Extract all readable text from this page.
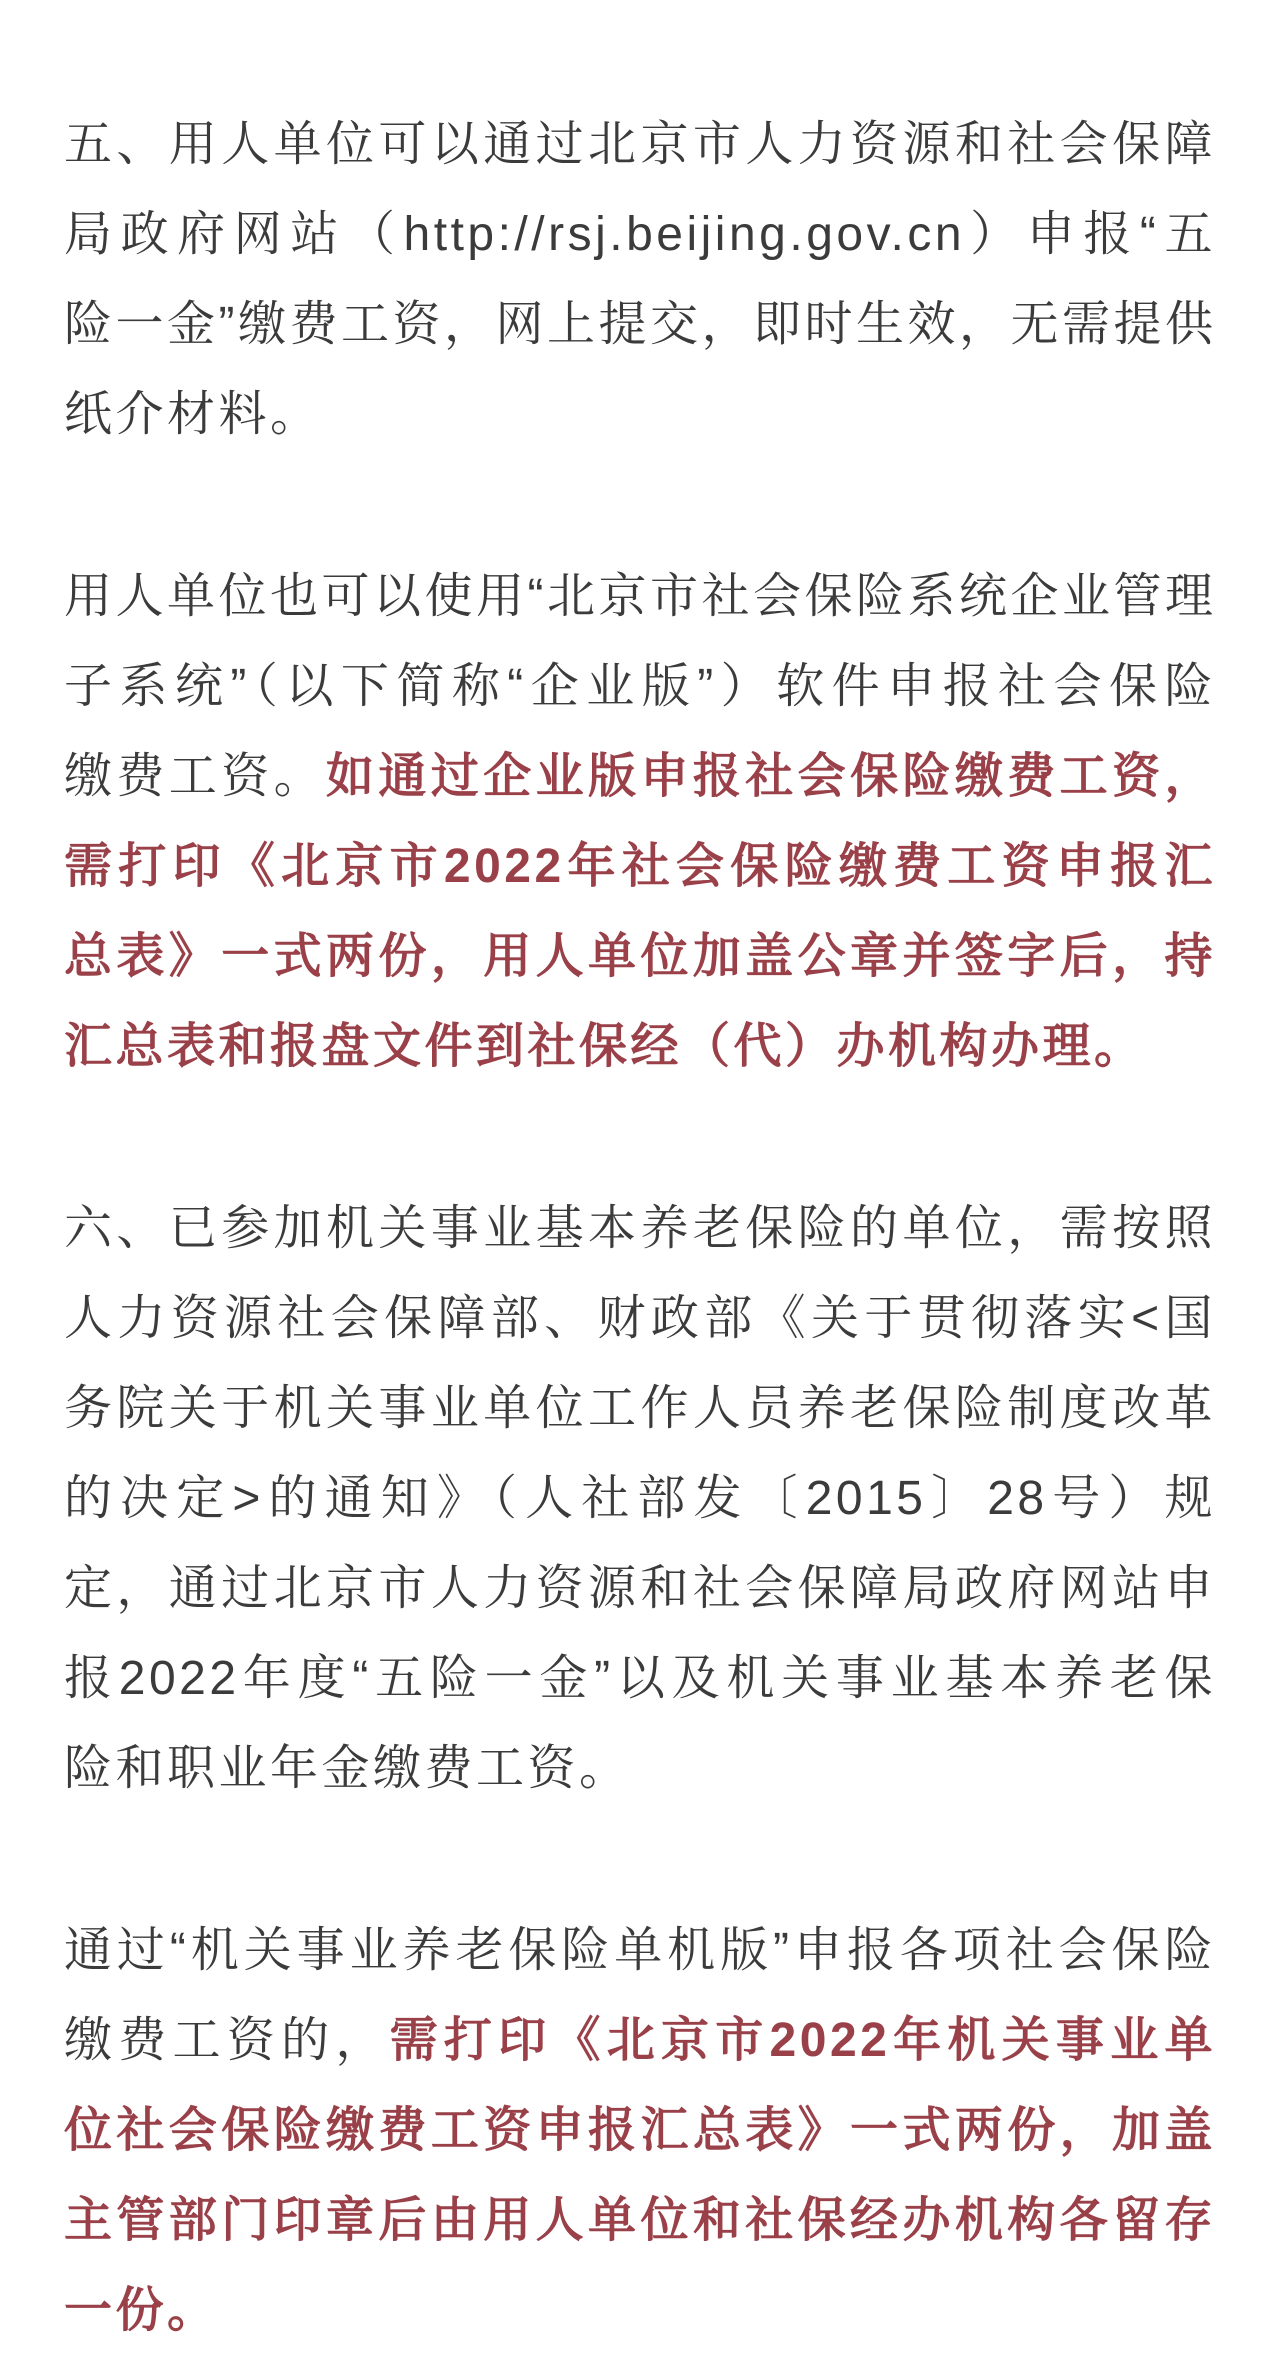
五、用人单位可以通过北京市人力资源和社会保障
局政府网站（http://rsj.beijing.gov.cn）申报“五
险一金”缴费工资，网上提交，即时生效，无需提供
纸介材料。
用人单位也可以使用“北京市社会保险系统企业管理
子系统”（以下简称“企业版”）软件申报社会保险
缴费工资。如通过企业版申报社会保险缴费工资，
需打印《北京市2022年社会保险缴费工资申报汇
总表》一式两份，用人单位加盖公章并签字后，持
汇总表和报盘文件到社保经（代）办机构办理。
六、已参加机关事业基本养老保险的单位，需按照
人力资源社会保障部、财政部《关于贯彻落实<国
务院关于机关事业单位工作人员养老保险制度改革
的决定>的通知》（人社部发〔2015〕28号）规
定，通过北京市人力资源和社会保障局政府网站申
报2022年度“五险一金”以及机关事业基本养老保
险和职业年金缴费工资。
通过“机关事业养老保险单机版”申报各项社会保险
缴费工资的，需打印《北京市2022年机关事业单
位社会保险缴费工资申报汇总表》一式两份，加盖
主管部门印章后由用人单位和社保经办机构各留存
一份。
